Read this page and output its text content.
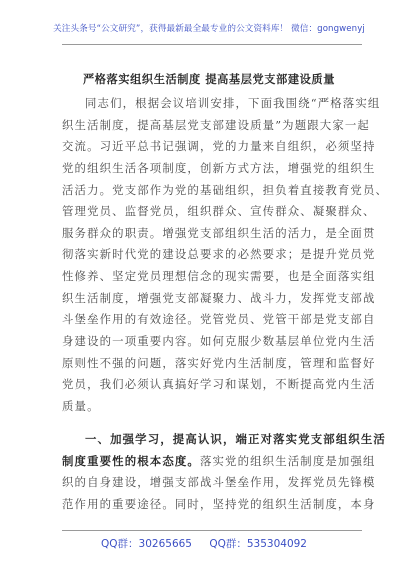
关注头条号“公文研究”，获得最新最全最专业的公文资料库！ 微信：gongwenyj
严格落实组织生活制度 提高基层党支部建设质量
同志们，根据会议培训安排，下面我围绕“严格落实组
织生活制度，提高基层党支部建设质量”为题跟大家一起
交流。习近平总书记强调，党的力量来自组织，必须坚持
党的组织生活各项制度，创新方式方法，增强党的组织生
活活力。党支部作为党的基础组织，担负着直接教育党员、
管理党员、监督党员，组织群众、宣传群众、凝聚群众、
服务群众的职责。增强党支部组织生活的活力，是全面贯
彻落实新时代党的建设总要求的必然要求；是提升党员党
性修养、坚定党员理想信念的现实需要，也是全面落实组
织生活制度，增强党支部凝聚力、战斗力，发挥党支部战
斗堡垒作用的有效途径。党管党员、党管干部是党支部自
身建设的一项重要内容。如何克服少数基层单位党内生活
原则性不强的问题，落实好党内生活制度，管理和监督好
党员，我们必须认真搞好学习和谋划，不断提高党内生活
质量。
一、加强学习，提高认识，端正对落实党支部组织生活
制度重要性的根本态度。落实党的组织生活制度是加强组
织的自身建设，增强支部战斗堡垒作用，发挥党员先锋模
范作用的重要途径。同时，坚持党的组织生活制度，本身
QQ群：30265665 QQ群：535304092
